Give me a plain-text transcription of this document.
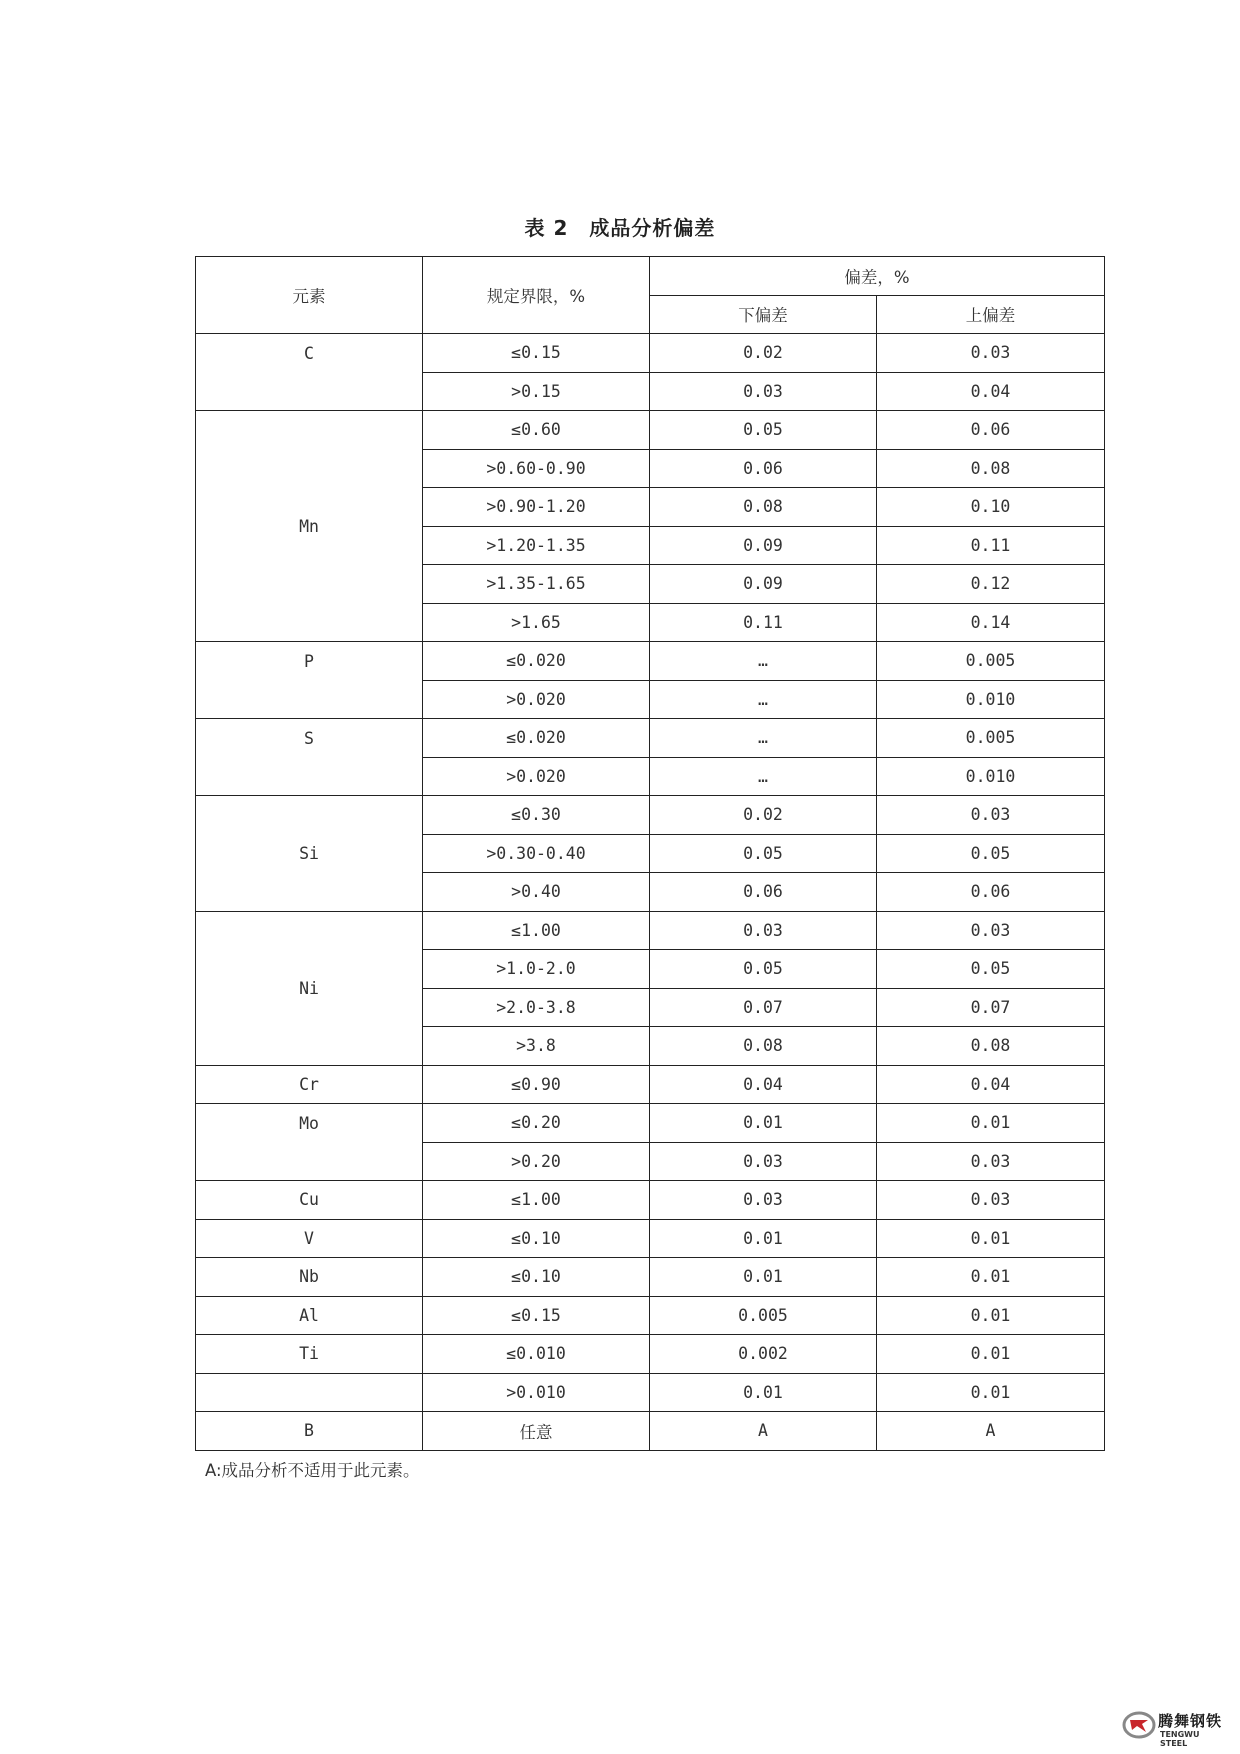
表 2　成品分析偏差
元素	规定界限，%	偏差，%	
		下偏差	上偏差
C	≤0.15	0.02	0.03
	>0.15	0.03	0.04
Mn	≤0.60	0.05	0.06
	>0.60-0.90	0.06	0.08
	>0.90-1.20	0.08	0.10
	>1.20-1.35	0.09	0.11
	>1.35-1.65	0.09	0.12
	>1.65	0.11	0.14
P	≤0.020	…	0.005
	>0.020	…	0.010
S	≤0.020	…	0.005
	>0.020	…	0.010
Si	≤0.30	0.02	0.03
	>0.30-0.40	0.05	0.05
	>0.40	0.06	0.06
Ni	≤1.00	0.03	0.03
	>1.0-2.0	0.05	0.05
	>2.0-3.8	0.07	0.07
	>3.8	0.08	0.08
Cr	≤0.90	0.04	0.04
Mo	≤0.20	0.01	0.01
	>0.20	0.03	0.03
Cu	≤1.00	0.03	0.03
V	≤0.10	0.01	0.01
Nb	≤0.10	0.01	0.01
Al	≤0.15	0.005	0.01
Ti	≤0.010	0.002	0.01
	>0.010	0.01	0.01
B	任意	A	A
A:成品分析不适用于此元素。
腾舞钢铁
TENGWU STEEL
